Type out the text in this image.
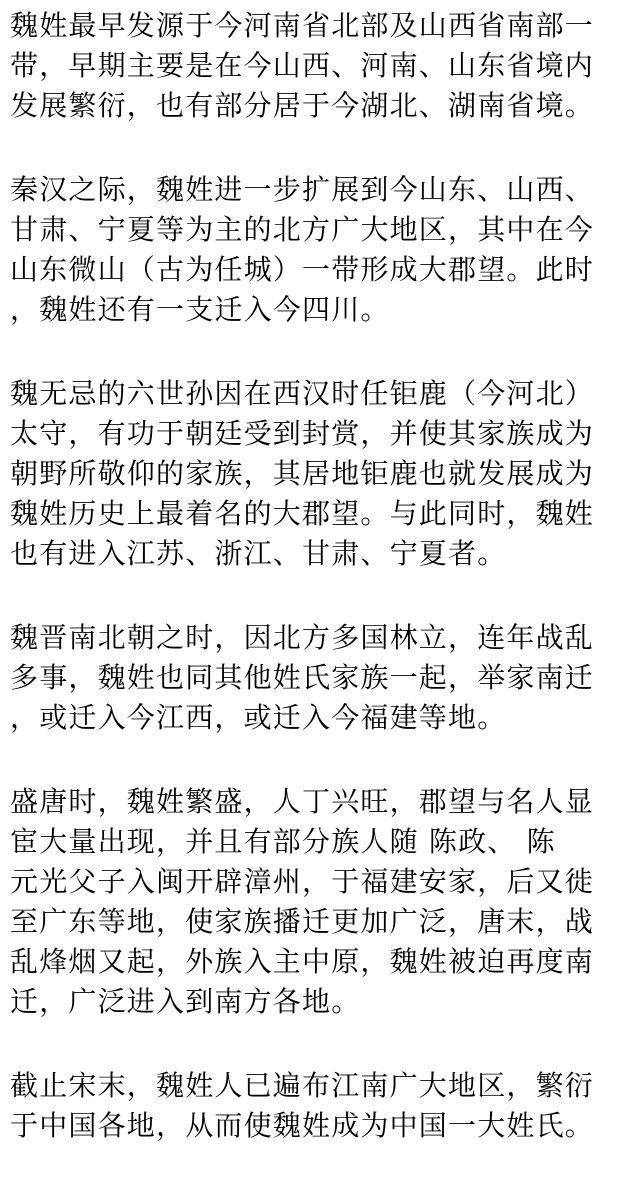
魏姓最早发源于今河南省北部及山西省南部一
带，早期主要是在今山西、河南、山东省境内
发展繁衍，也有部分居于今湖北、湖南省境。

秦汉之际，魏姓进一步扩展到今山东、山西、
甘肃、宁夏等为主的北方广大地区，其中在今
山东微山（古为任城）一带形成大郡望。此时
，魏姓还有一支迁入今四川。

魏无忌的六世孙因在西汉时任钜鹿（今河北）
太守，有功于朝廷受到封赏，并使其家族成为
朝野所敬仰的家族，其居地钜鹿也就发展成为
魏姓历史上最着名的大郡望。与此同时，魏姓
也有进入江苏、浙江、甘肃、宁夏者。

魏晋南北朝之时，因北方多国林立，连年战乱
多事，魏姓也同其他姓氏家族一起，举家南迁
，或迁入今江西，或迁入今福建等地。

盛唐时，魏姓繁盛，人丁兴旺，郡望与名人显
宦大量出现，并且有部分族人随 陈政、 陈
元光父子入闽开辟漳州，于福建安家，后又徙
至广东等地，使家族播迁更加广泛，唐末，战
乱烽烟又起，外族入主中原，魏姓被迫再度南
迁，广泛进入到南方各地。

截止宋末，魏姓人已遍布江南广大地区，繁衍
于中国各地，从而使魏姓成为中国一大姓氏。
